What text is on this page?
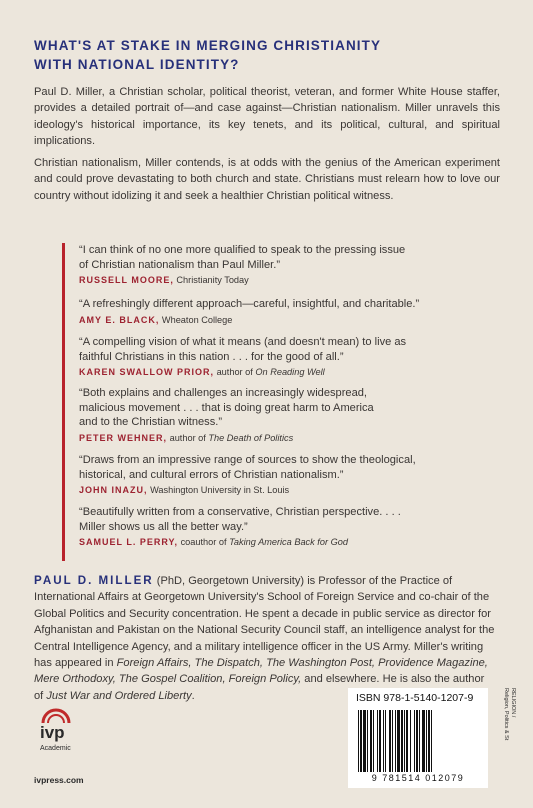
WHAT'S AT STAKE IN MERGING CHRISTIANITY
WITH NATIONAL IDENTITY?

Paul D. Miller, a Christian scholar, political theorist, veteran, and former White House staffer, provides a detailed portrait of—and case against—Christian nationalism. Miller unravels this ideology's historical importance, its key tenets, and its political, cultural, and spiritual implications.

Christian nationalism, Miller contends, is at odds with the genius of the American experiment and could prove devastating to both church and state. Christians must relearn how to love our country without idolizing it and seek a healthier Christian political witness.

“I can think of no one more qualified to speak to the pressing issue
of Christian nationalism than Paul Miller.”
RUSSELL MOORE, Christianity Today
“A refreshingly different approach—careful, insightful, and charitable.”
AMY E. BLACK, Wheaton College
“A compelling vision of what it means (and doesn't mean) to live as
faithful Christians in this nation . . . for the good of all.”
KAREN SWALLOW PRIOR, author of On Reading Well
“Both explains and challenges an increasingly widespread,
malicious movement . . . that is doing great harm to America
and to the Christian witness.”
PETER WEHNER, author of The Death of Politics
“Draws from an impressive range of sources to show the theological,
historical, and cultural errors of Christian nationalism.”
JOHN INAZU, Washington University in St. Louis
“Beautifully written from a conservative, Christian perspective. . . .
Miller shows us all the better way.”
SAMUEL L. PERRY, coauthor of Taking America Back for God
PAUL D. MILLER (PhD, Georgetown University) is Professor of the Practice of
International Affairs at Georgetown University's School of Foreign Service and co-chair of the
Global Politics and Security concentration. He spent a decade in public service as director for
Afghanistan and Pakistan on the National Security Council staff, an intelligence analyst for the
Central Intelligence Agency, and a military intelligence officer in the US Army. Miller's writing
has appeared in Foreign Affairs, The Dispatch, The Washington Post, Providence Magazine,
Mere Orthodoxy, The Gospel Coalition, Foreign Policy, and elsewhere. He is also the author
of Just War and Ordered Liberty.
ivp
Academic
ivpress.com
ISBN 978-1-5140-1207-9
9 781514 012079
RELIGION /
Religion, Politics & St
